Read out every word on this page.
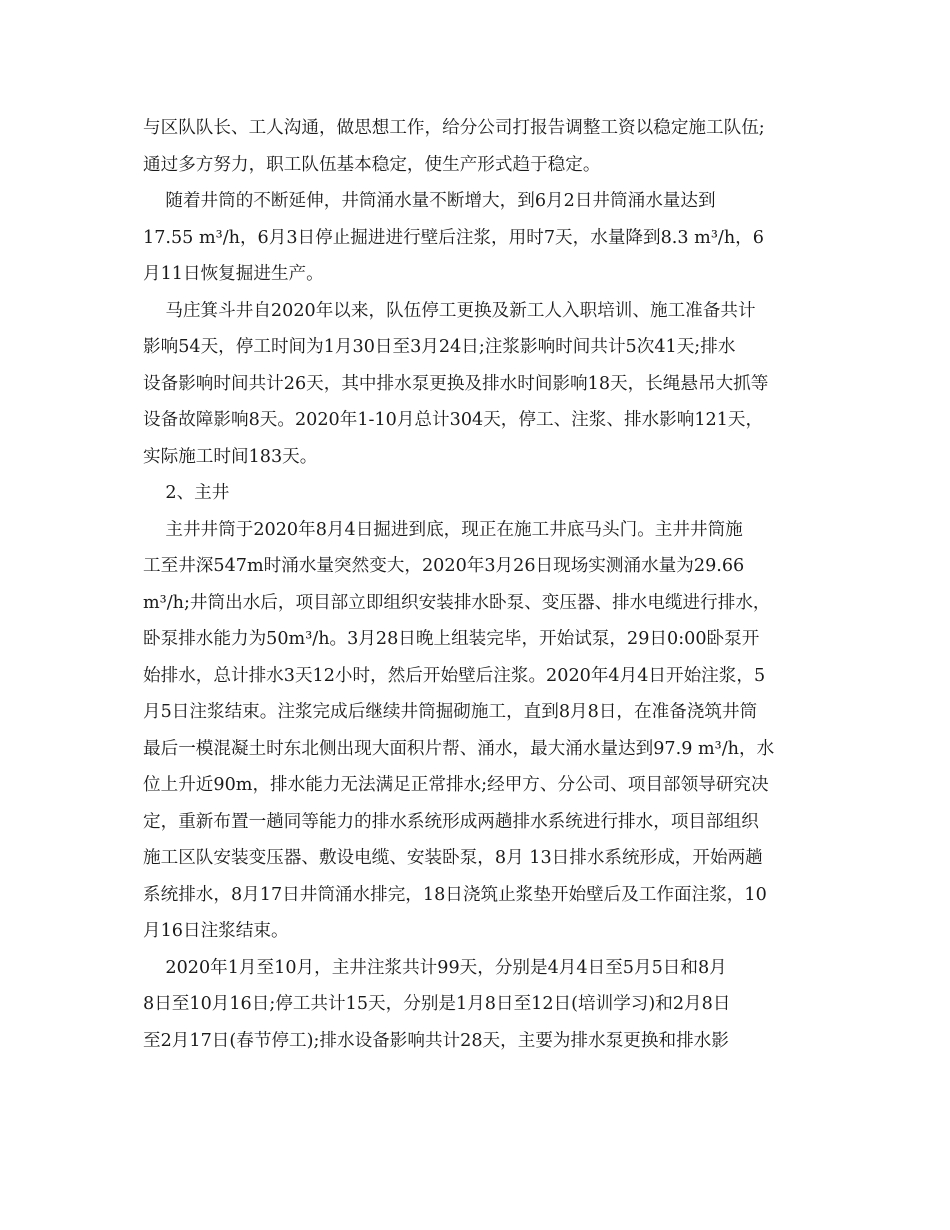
与区队队长、工人沟通，做思想工作，给分公司打报告调整工资以稳定施工队伍;
通过多方努力，职工队伍基本稳定，使生产形式趋于稳定。
随着井筒的不断延伸，井筒涌水量不断增大，到6月2日井筒涌水量达到
17.55 m³/h，6月3日停止掘进进行壁后注浆，用时7天，水量降到8.3 m³/h，6
月11日恢复掘进生产。
马庄箕斗井自2020年以来，队伍停工更换及新工人入职培训、施工准备共计
影响54天，停工时间为1月30日至3月24日;注浆影响时间共计5次41天;排水
设备影响时间共计26天，其中排水泵更换及排水时间影响18天，长绳悬吊大抓等
设备故障影响8天。2020年1-10月总计304天，停工、注浆、排水影响121天，
实际施工时间183天。
2、主井
主井井筒于2020年8月4日掘进到底，现正在施工井底马头门。主井井筒施
工至井深547m时涌水量突然变大，2020年3月26日现场实测涌水量为29.66
m³/h;井筒出水后，项目部立即组织安装排水卧泵、变压器、排水电缆进行排水，
卧泵排水能力为50m³/h。3月28日晚上组装完毕，开始试泵，29日0:00卧泵开
始排水，总计排水3天12小时，然后开始壁后注浆。2020年4月4日开始注浆，5
月5日注浆结束。注浆完成后继续井筒掘砌施工，直到8月8日，在准备浇筑井筒
最后一模混凝土时东北侧出现大面积片帮、涌水，最大涌水量达到97.9 m³/h，水
位上升近90m，排水能力无法满足正常排水;经甲方、分公司、项目部领导研究决
定，重新布置一趟同等能力的排水系统形成两趟排水系统进行排水，项目部组织
施工区队安装变压器、敷设电缆、安装卧泵，8月 13日排水系统形成，开始两趟
系统排水，8月17日井筒涌水排完，18日浇筑止浆垫开始壁后及工作面注浆，10
月16日注浆结束。
2020年1月至10月，主井注浆共计99天，分别是4月4日至5月5日和8月
8日至10月16日;停工共计15天，分别是1月8日至12日(培训学习)和2月8日
至2月17日(春节停工);排水设备影响共计28天，主要为排水泵更换和排水影
